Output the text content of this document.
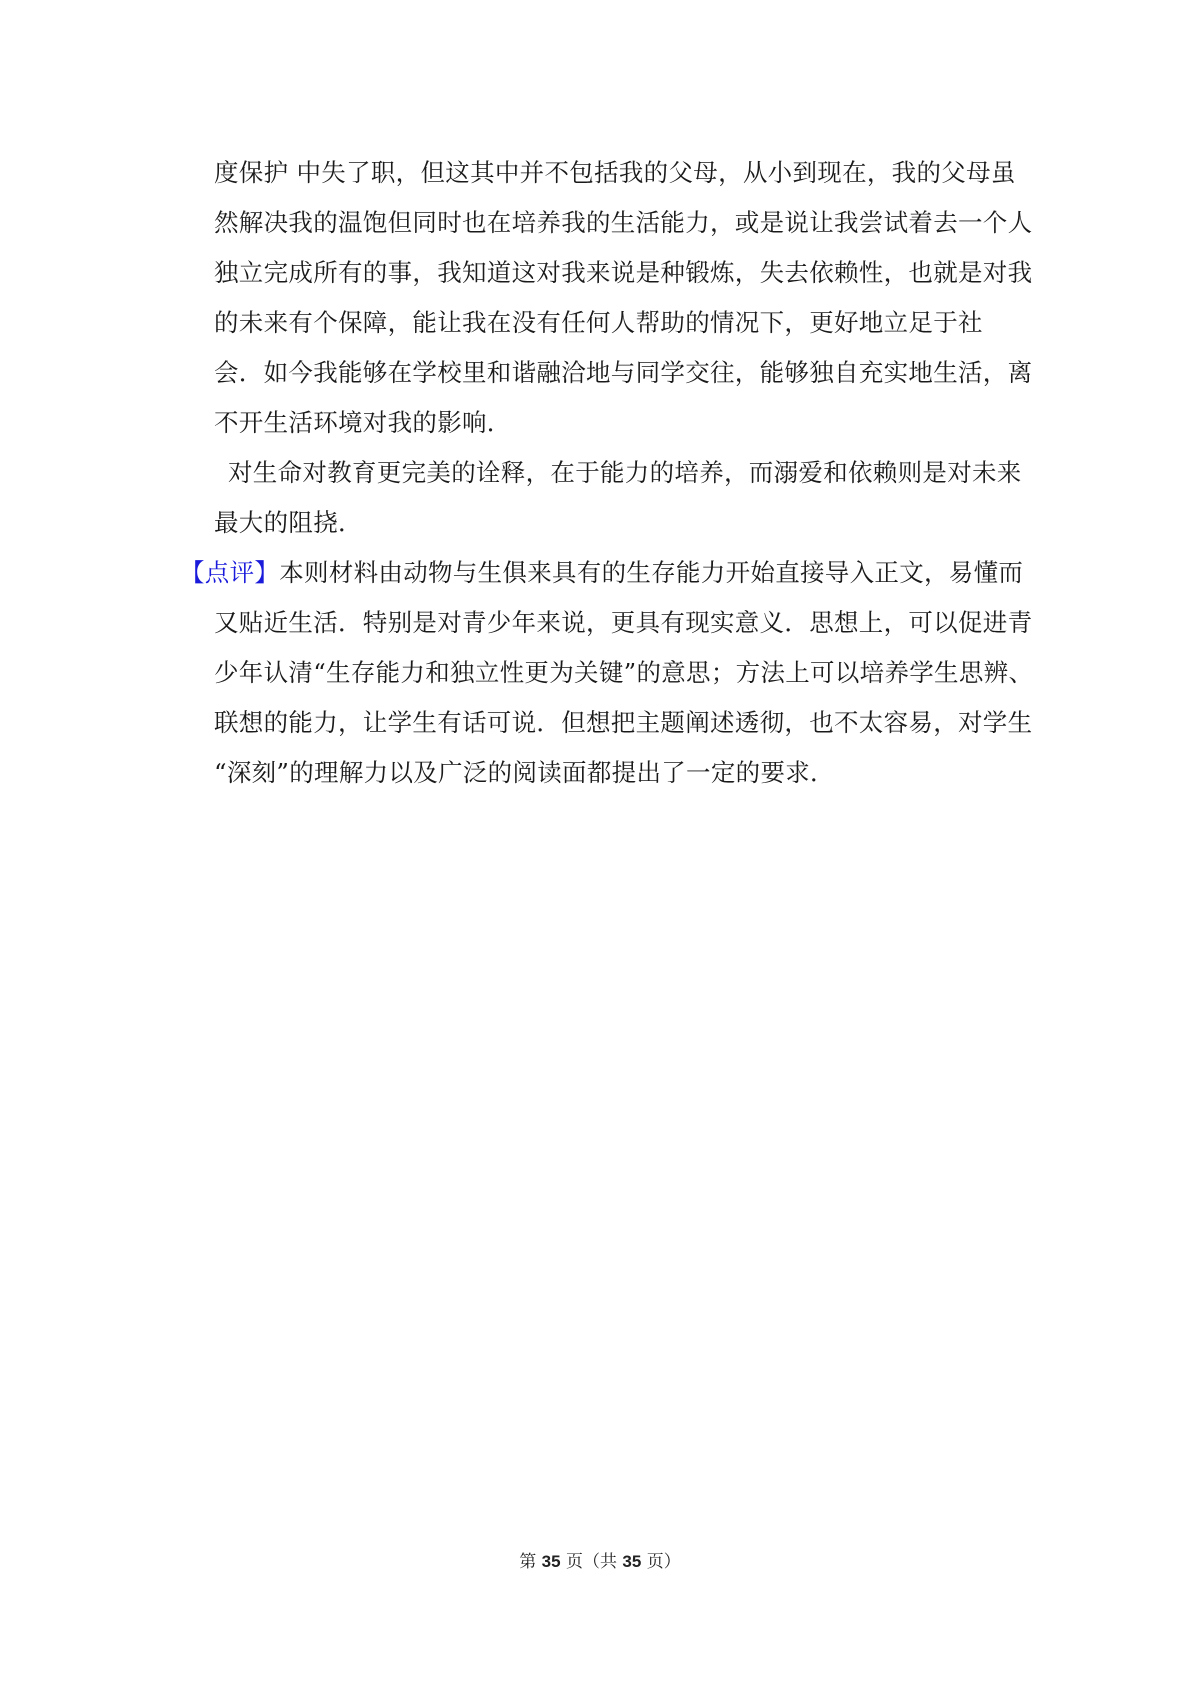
度保护 中失了职，但这其中并不包括我的父母，从小到现在，我的父母虽
然解决我的温饱但同时也在培养我的生活能力，或是说让我尝试着去一个人
独立完成所有的事，我知道这对我来说是种锻炼，失去依赖性，也就是对我
的未来有个保障，能让我在没有任何人帮助的情况下，更好地立足于社
会．如今我能够在学校里和谐融洽地与同学交往，能够独自充实地生活，离
不开生活环境对我的影响．
对生命对教育更完美的诠释，在于能力的培养，而溺爱和依赖则是对未来
最大的阻挠．
【点评】本则材料由动物与生俱来具有的生存能力开始直接导入正文，易懂而
又贴近生活．特别是对青少年来说，更具有现实意义．思想上，可以促进青
少年认清“生存能力和独立性更为关键”的意思；方法上可以培养学生思辨、
联想的能力，让学生有话可说．但想把主题阐述透彻，也不太容易，对学生
“深刻”的理解力以及广泛的阅读面都提出了一定的要求．
第 35 页（共 35 页）
